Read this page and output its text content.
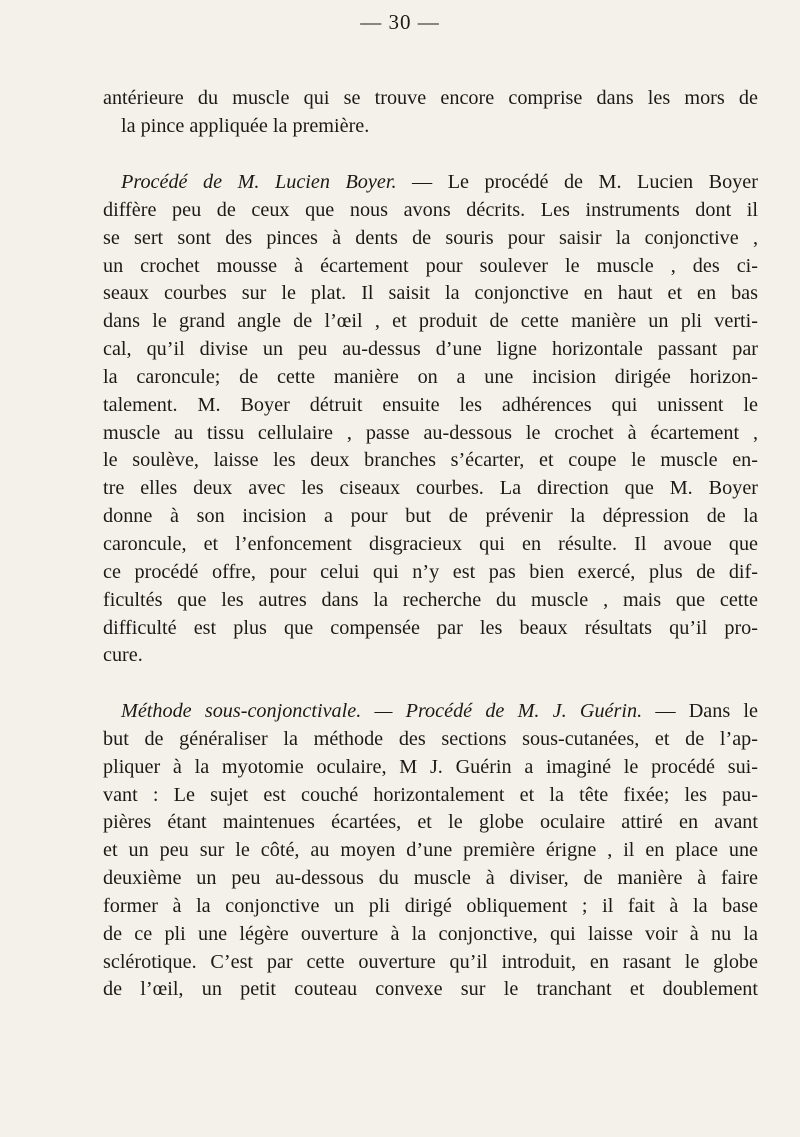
— 30 —
antérieure du muscle qui se trouve encore comprise dans les mors de
la pince appliquée la première.
Procédé de M. Lucien Boyer. — Le procédé de M. Lucien Boyer
diffère peu de ceux que nous avons décrits. Les instruments dont il
se sert sont des pinces à dents de souris pour saisir la conjonctive ,
un crochet mousse à écartement pour soulever le muscle , des ci-
seaux courbes sur le plat. Il saisit la conjonctive en haut et en bas
dans le grand angle de l’œil , et produit de cette manière un pli verti-
cal, qu’il divise un peu au-dessus d’une ligne horizontale passant par
la caroncule; de cette manière on a une incision dirigée horizon-
talement. M. Boyer détruit ensuite les adhérences qui unissent le
muscle au tissu cellulaire , passe au-dessous le crochet à écartement ,
le soulève, laisse les deux branches s’écarter, et coupe le muscle en-
tre elles deux avec les ciseaux courbes. La direction que M. Boyer
donne à son incision a pour but de prévenir la dépression de la
caroncule, et l’enfoncement disgracieux qui en résulte. Il avoue que
ce procédé offre, pour celui qui n’y est pas bien exercé, plus de dif-
ficultés que les autres dans la recherche du muscle , mais que cette
difficulté est plus que compensée par les beaux résultats qu’il pro-
cure.
Méthode sous-conjonctivale. — Procédé de M. J. Guérin. — Dans le
but de généraliser la méthode des sections sous-cutanées, et de l’ap-
pliquer à la myotomie oculaire, M J. Guérin a imaginé le procédé sui-
vant : Le sujet est couché horizontalement et la tête fixée; les pau-
pières étant maintenues écartées, et le globe oculaire attiré en avant
et un peu sur le côté, au moyen d’une première érigne , il en place une
deuxième un peu au-dessous du muscle à diviser, de manière à faire
former à la conjonctive un pli dirigé obliquement ; il fait à la base
de ce pli une légère ouverture à la conjonctive, qui laisse voir à nu la
sclérotique. C’est par cette ouverture qu’il introduit, en rasant le globe
de l’œil, un petit couteau convexe sur le tranchant et doublement
